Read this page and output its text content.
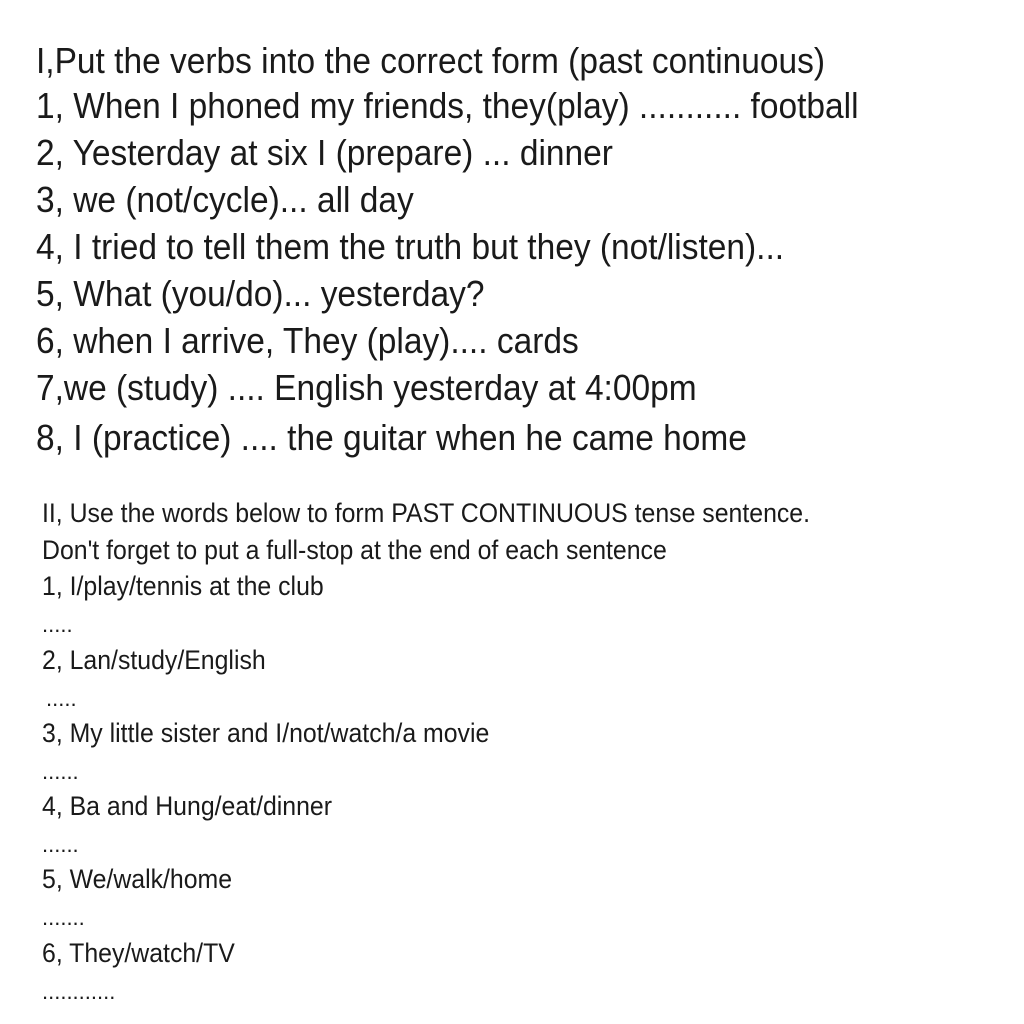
I,Put the verbs into the correct form (past continuous)
1, When I phoned my friends, they(play) ........... football
2, Yesterday at six I (prepare) ... dinner
3, we (not/cycle)... all day
4, I tried to tell them the truth but they (not/listen)...
5, What (you/do)... yesterday?
6, when I arrive, They (play).... cards
7,we (study) .... English yesterday at 4:00pm
8, I (practice) .... the guitar when he came home
II, Use the words below to form PAST CONTINUOUS tense sentence.
Don't forget to put a full-stop at the end of each sentence
1, I/play/tennis at the club
.....
2, Lan/study/English
.....
3, My little sister and I/not/watch/a movie
......
4, Ba and Hung/eat/dinner
......
5, We/walk/home
.......
6, They/watch/TV
............
